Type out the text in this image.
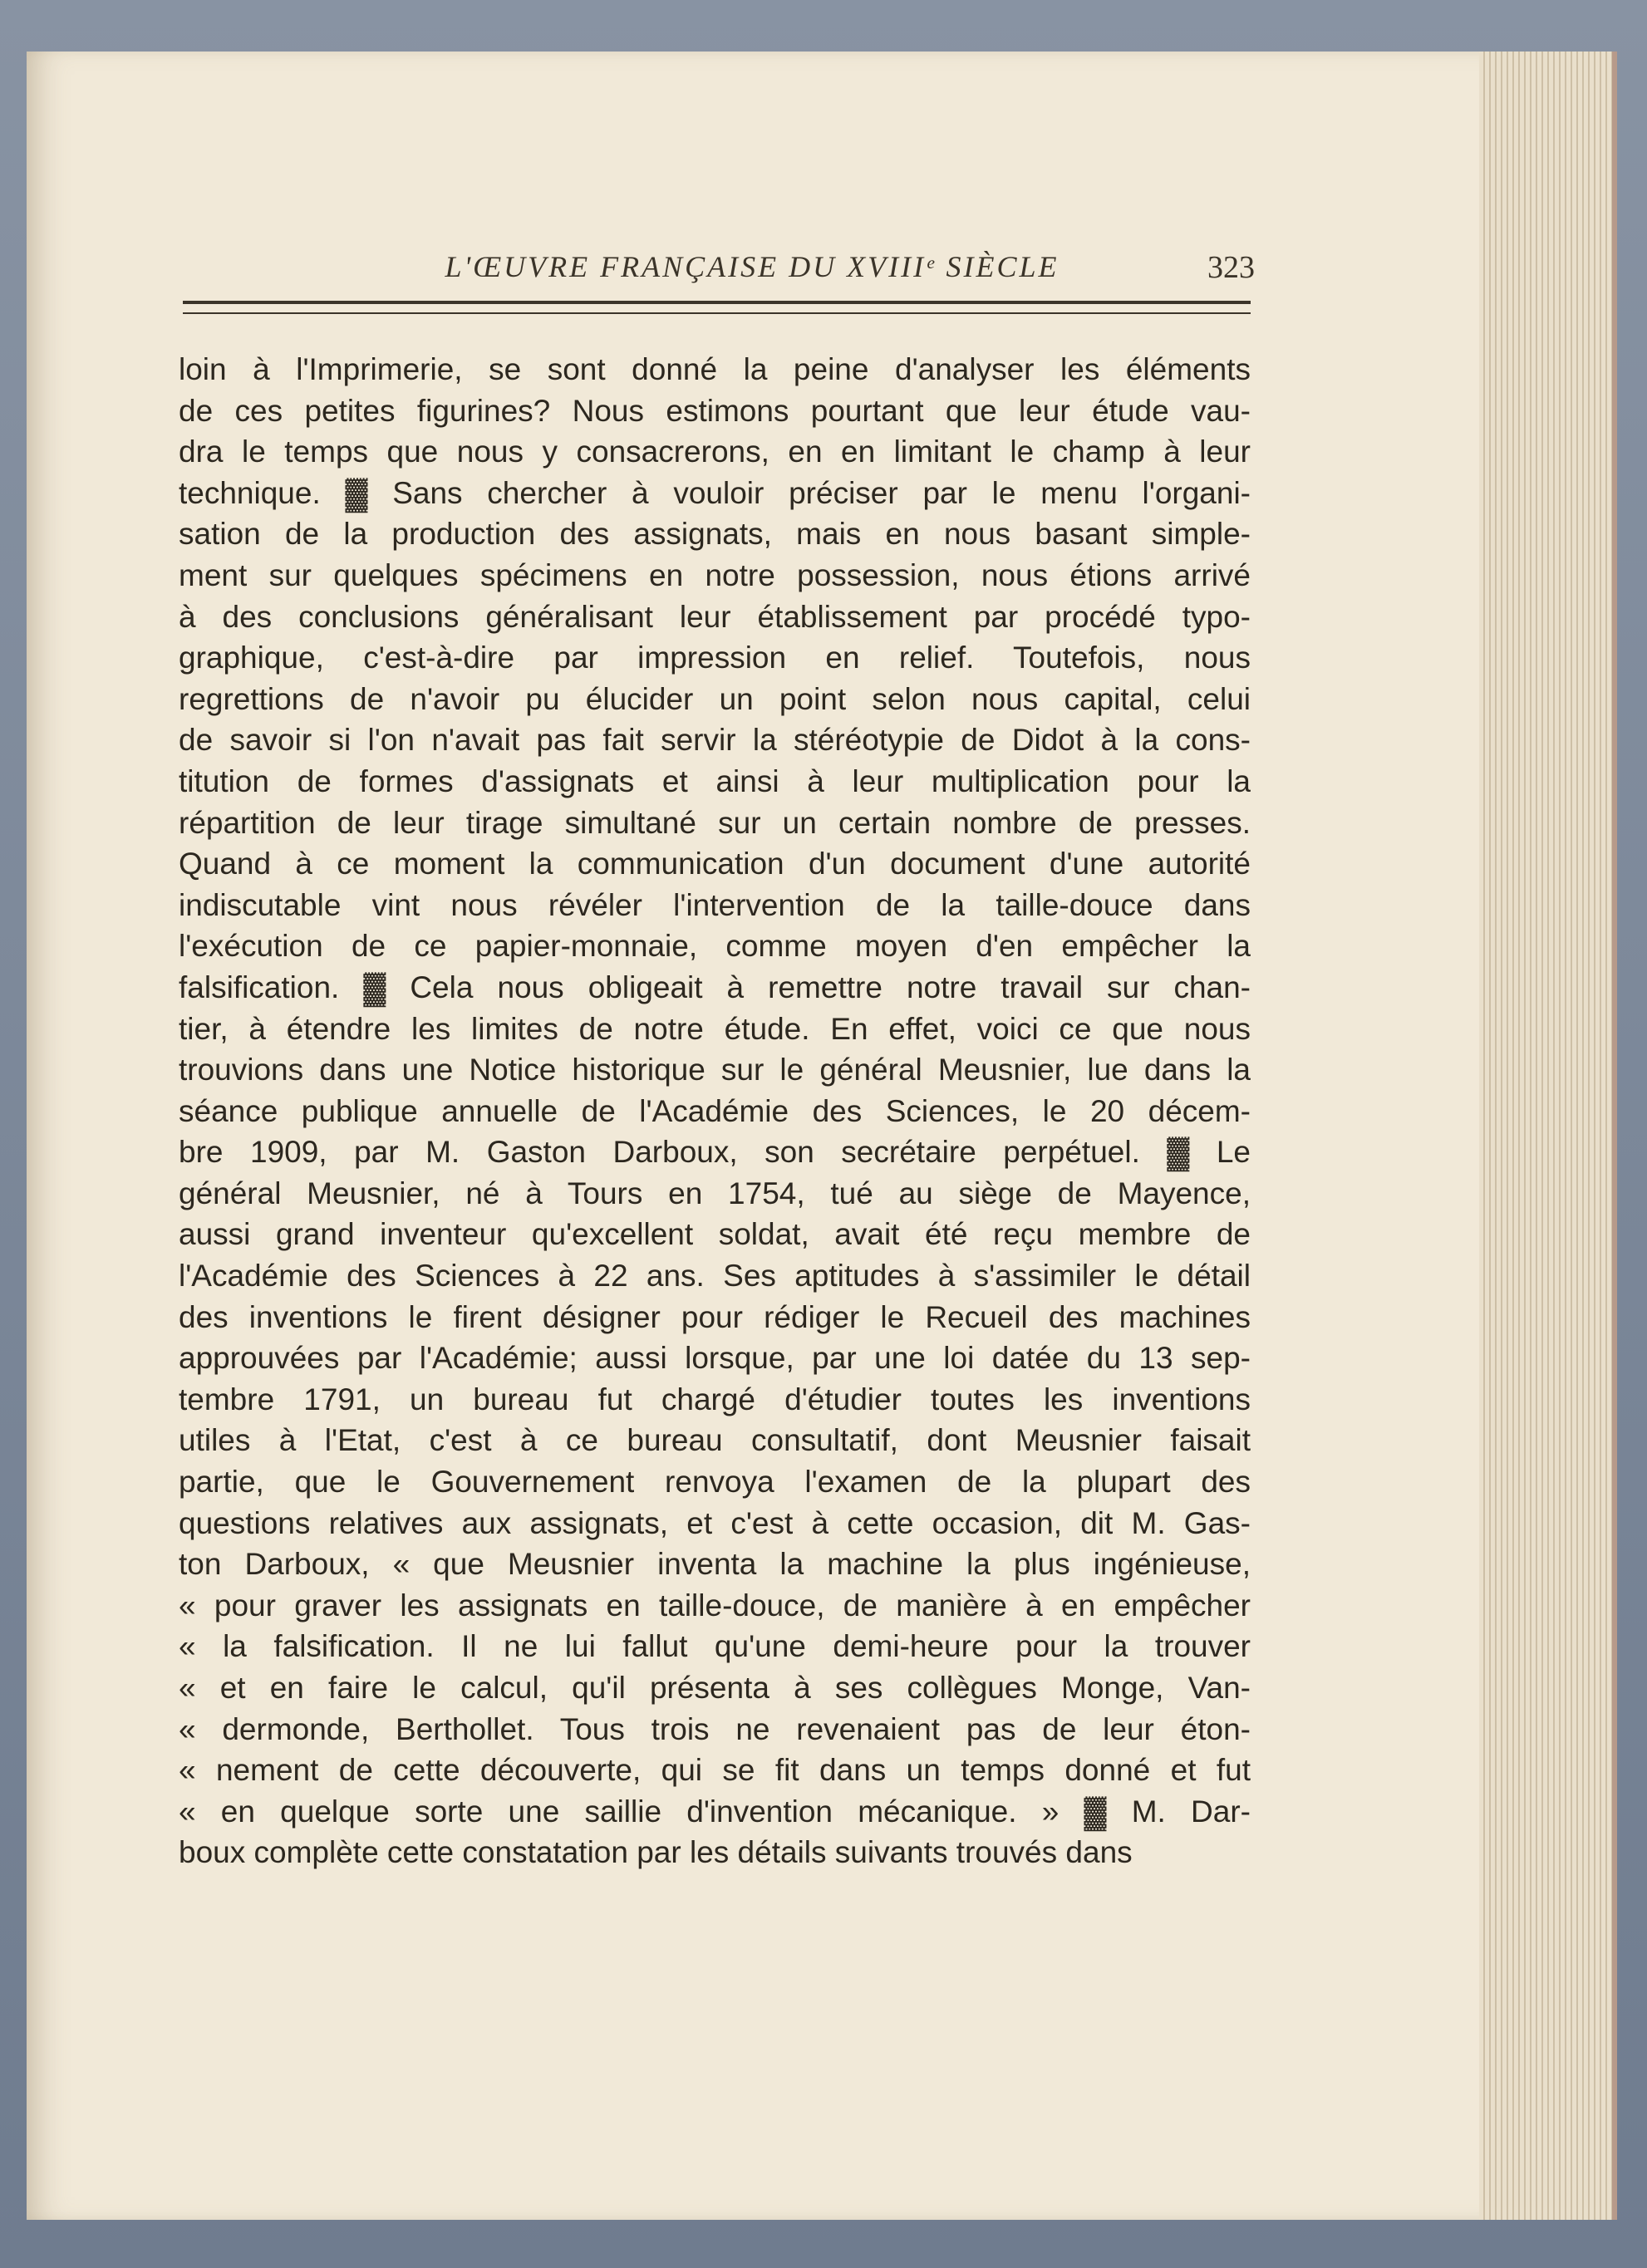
L'ŒUVRE FRANÇAISE DU XVIIIᵉ SIÈCLE	323
loin à l'Imprimerie, se sont donné la peine d'analyser les éléments
de ces petites figurines? Nous estimons pourtant que leur étude vau-
dra le temps que nous y consacrerons, en en limitant le champ à leur
technique. ▓ Sans chercher à vouloir préciser par le menu l'organi-
sation de la production des assignats, mais en nous basant simple-
ment sur quelques spécimens en notre possession, nous étions arrivé
à des conclusions généralisant leur établissement par procédé typo-
graphique, c'est-à-dire par impression en relief. Toutefois, nous
regrettions de n'avoir pu élucider un point selon nous capital, celui
de savoir si l'on n'avait pas fait servir la stéréotypie de Didot à la cons-
titution de formes d'assignats et ainsi à leur multiplication pour la
répartition de leur tirage simultané sur un certain nombre de presses.
Quand à ce moment la communication d'un document d'une autorité
indiscutable vint nous révéler l'intervention de la taille-douce dans
l'exécution de ce papier-monnaie, comme moyen d'en empêcher la
falsification. ▓ Cela nous obligeait à remettre notre travail sur chan-
tier, à étendre les limites de notre étude. En effet, voici ce que nous
trouvions dans une Notice historique sur le général Meusnier, lue dans la
séance publique annuelle de l'Académie des Sciences, le 20 décem-
bre 1909, par M. Gaston Darboux, son secrétaire perpétuel. ▓ Le
général Meusnier, né à Tours en 1754, tué au siège de Mayence,
aussi grand inventeur qu'excellent soldat, avait été reçu membre de
l'Académie des Sciences à 22 ans. Ses aptitudes à s'assimiler le détail
des inventions le firent désigner pour rédiger le Recueil des machines
approuvées par l'Académie; aussi lorsque, par une loi datée du 13 sep-
tembre 1791, un bureau fut chargé d'étudier toutes les inventions
utiles à l'Etat, c'est à ce bureau consultatif, dont Meusnier faisait
partie, que le Gouvernement renvoya l'examen de la plupart des
questions relatives aux assignats, et c'est à cette occasion, dit M. Gas-
ton Darboux, « que Meusnier inventa la machine la plus ingénieuse,
« pour graver les assignats en taille-douce, de manière à en empêcher
« la falsification. Il ne lui fallut qu'une demi-heure pour la trouver
« et en faire le calcul, qu'il présenta à ses collègues Monge, Van-
« dermonde, Berthollet. Tous trois ne revenaient pas de leur éton-
« nement de cette découverte, qui se fit dans un temps donné et fut
« en quelque sorte une saillie d'invention mécanique. » ▓ M. Dar-
boux complète cette constatation par les détails suivants trouvés dans
